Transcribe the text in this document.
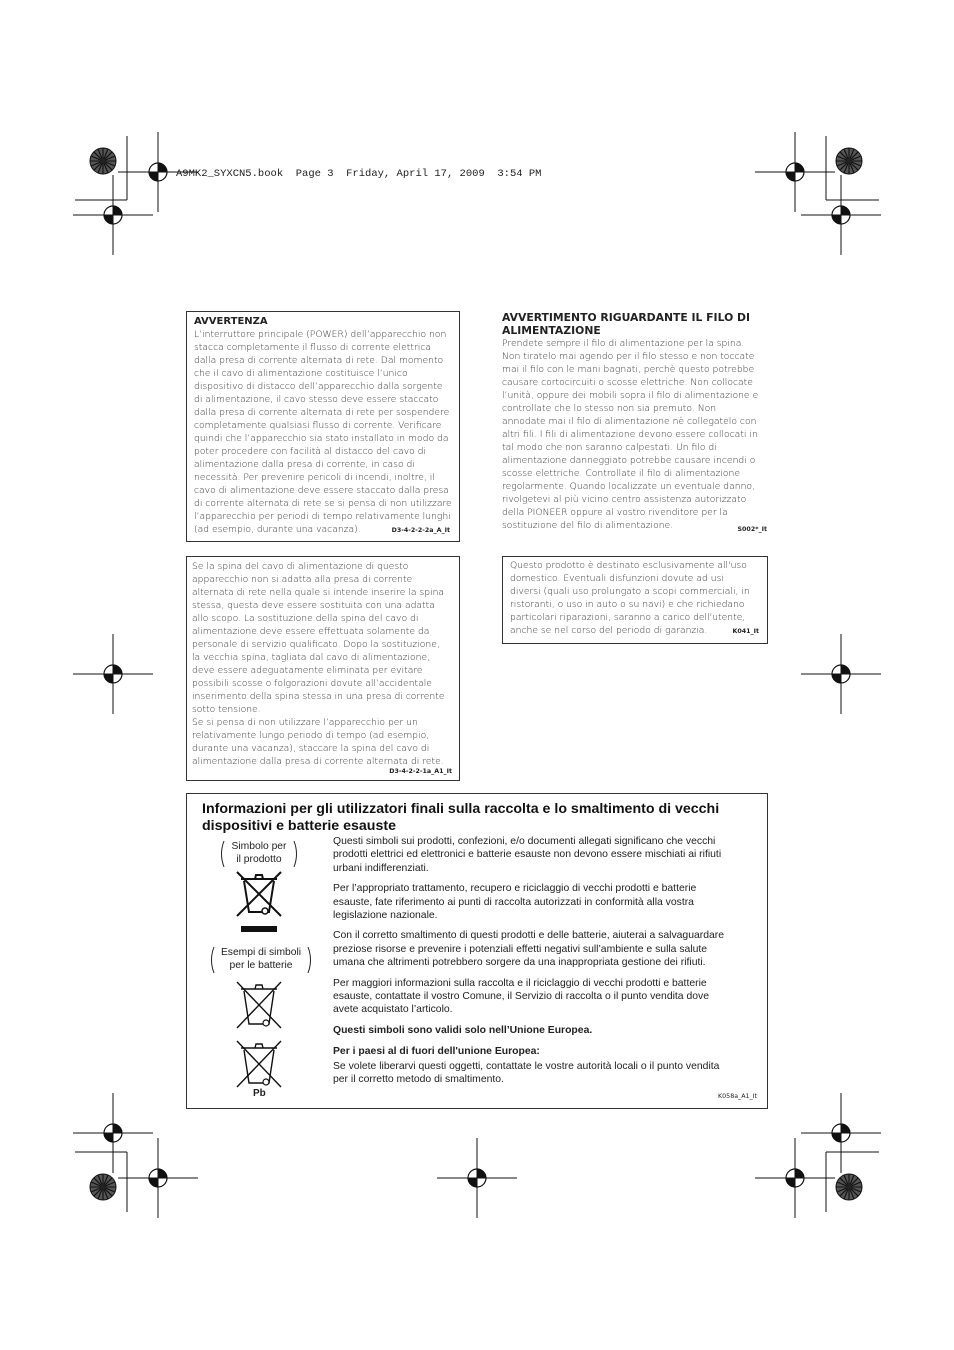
A9MK2_SYXCN5.book  Page 3  Friday, April 17, 2009  3:54 PM
AVVERTENZA
L’interruttore principale (POWER) dell’apparecchio non
stacca completamente il flusso di corrente elettrica
dalla presa di corrente alternata di rete. Dal momento
che il cavo di alimentazione costituisce l’unico
dispositivo di distacco dell’apparecchio dalla sorgente
di alimentazione, il cavo stesso deve essere staccato
dalla presa di corrente alternata di rete per sospendere
completamente qualsiasi flusso di corrente. Verificare
quindi che l’apparecchio sia stato installato in modo da
poter procedere con facilità al distacco del cavo di
alimentazione dalla presa di corrente, in caso di
necessità. Per prevenire pericoli di incendi, inoltre, il
cavo di alimentazione deve essere staccato dalla presa
di corrente alternata di rete se si pensa di non utilizzare
l’apparecchio per periodi di tempo relativamente lunghi
(ad esempio, durante una vacanza).	D3-4-2-2-2a_A_It
AVVERTIMENTO RIGUARDANTE IL FILO DI
ALIMENTAZIONE
Prendete sempre il filo di alimentazione per la spina.
Non tiratelo mai agendo per il filo stesso e non toccate
mai il filo con le mani bagnati, perchè questo potrebbe
causare cortocircuiti o scosse elettriche. Non collocate
l’unità, oppure dei mobili sopra il filo di alimentazione e
controllate che lo stesso non sia premuto. Non
annodate mai il filo di alimentazione nè collegatelo con
altri fili. I fili di alimentazione devono essere collocati in
tal modo che non saranno calpestati. Un filo di
alimentazione danneggiato potrebbe causare incendi o
scosse elettriche. Controllate il filo di alimentazione
regolarmente. Quando localizzate un eventuale danno,
rivolgetevi al più vicino centro assistenza autorizzato
della PIONEER oppure al vostro rivenditore per la
sostituzione del filo di alimentazione.	S002*_It
Se la spina del cavo di alimentazione di questo
apparecchio non si adatta alla presa di corrente
alternata di rete nella quale si intende inserire la spina
stessa, questa deve essere sostituita con una adatta
allo scopo. La sostituzione della spina del cavo di
alimentazione deve essere effettuata solamente da
personale di servizio qualificato. Dopo la sostituzione,
la vecchia spina, tagliata dal cavo di alimentazione,
deve essere adeguatamente eliminata per evitare
possibili scosse o folgorazioni dovute all’accidentale
inserimento della spina stessa in una presa di corrente
sotto tensione.
Se si pensa di non utilizzare l’apparecchio per un
relativamente lungo periodo di tempo (ad esempio,
durante una vacanza), staccare la spina del cavo di
alimentazione dalla presa di corrente alternata di rete.
D3-4-2-2-1a_A1_It
Questo prodotto è destinato esclusivamente all'uso
domestico. Eventuali disfunzioni dovute ad usi
diversi (quali uso prolungato a scopi commerciali, in
ristoranti, o uso in auto o su navi) e che richiedano
particolari riparazioni, saranno a carico dell'utente,
anche se nel corso del periodo di garanzia.	K041_It
Informazioni per gli utilizzatori finali sulla raccolta e lo smaltimento di vecchi
dispositivi e batterie esauste
Simbolo per
il prodotto
Esempi di simboli
per le batterie
Pb

Questi simboli sui prodotti, confezioni, e/o documenti allegati significano che vecchi
prodotti elettrici ed elettronici e batterie esauste non devono essere mischiati ai rifiuti
urbani indifferenziati.

Per l’appropriato trattamento, recupero e riciclaggio di vecchi prodotti e batterie
esauste, fate riferimento ai punti di raccolta autorizzati in conformità alla vostra
legislazione nazionale.

Con il corretto smaltimento di questi prodotti e delle batterie, aiuterai a salvaguardare
preziose risorse e prevenire i potenziali effetti negativi sull’ambiente e sulla salute
umana che altrimenti potrebbero sorgere da una inappropriata gestione dei rifiuti.

Per maggiori informazioni sulla raccolta e il riciclaggio di vecchi prodotti e batterie
esauste, contattate il vostro Comune, il Servizio di raccolta o il punto vendita dove
avete acquistato l’articolo.

Questi simboli sono validi solo nell’Unione Europea.

Per i paesi al di fuori dell'unione Europea:

Se volete liberarvi questi oggetti, contattate le vostre autorità locali o il punto vendita
per il corretto metodo di smaltimento.

K058a_A1_It
